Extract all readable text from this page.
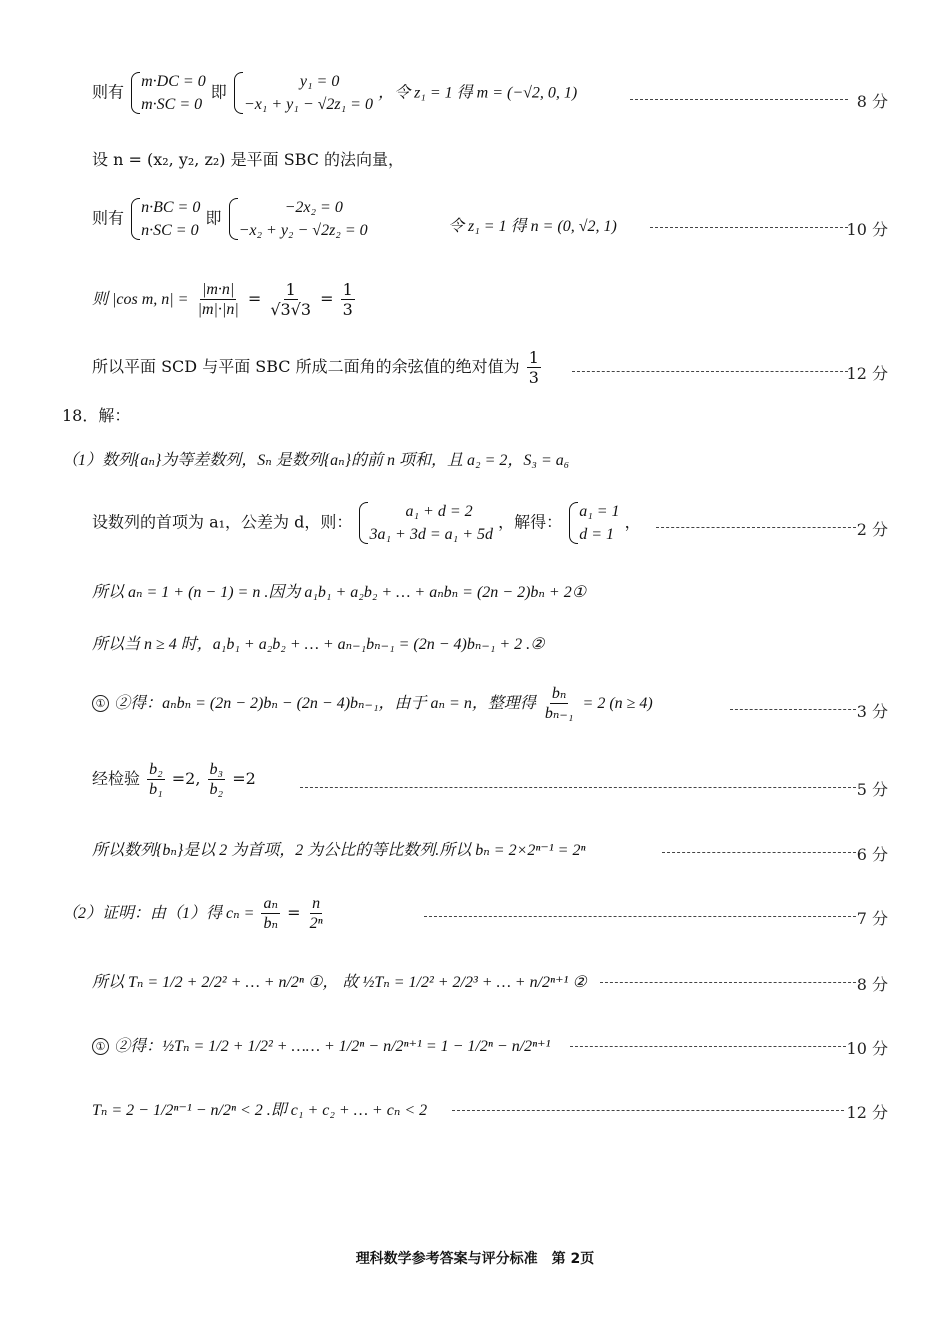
则有
m·DC = 0
m·SC = 0
即
y₁ = 0
−x₁ + y₁ − √2z₁ = 0
，令 z₁ = 1 得 m = (−√2, 0, 1)	8 分
设 n = (x₂, y₂, z₂) 是平面 SBC 的法向量，
则有
n·BC = 0
n·SC = 0
即
−2x₂ = 0
−x₂ + y₂ − √2z₂ = 0	令 z₁ = 1 得 n = (0, √2, 1)	10 分
则 |cos m, $n| = \frac{|m\cdot n|}{|m|\cdot|n|} = \frac{1}{√3√3} = \frac{1}{3}$
所以平面 SCD 与平面 SBC 所成二面角的余弦值的绝对值为 $\frac{1}{3}$	12 分
18．解：
（1）数列{aₙ}为等差数列，Sₙ 是数列{aₙ}的前 n 项和，且 a₂ = 2，S₃ = a₆
设数列的首项为 a₁，公差为 d，则：
a₁ + d = 2
3a₁ + 3d = a₁ + 5d
，解得：
a₁ = 1
d = 1
，	2 分
所以 aₙ = 1 + (n − 1) = n .因为 a₁b₁ + a₂b₂ + … + aₙbₙ = (2n − 2)bₙ + 2①
所以当 n ≥ 4 时，a₁b₁ + a₂b₂ + … + aₙ₋₁bₙ₋₁ = (2n − 4)bₙ₋₁ + 2 .②
① ②得：aₙbₙ = (2n − 2)bₙ − (2n − 4)bₙ₋₁，由于 aₙ = n，整理得 $\frac{\text{bₙ}}{\text{bₙ₋₁}} = 2$ (n ≥ 4)	3 分
经检验 $\frac{\text{b₂}}{\text{b₁}} =2$, $\frac{\text{b₃}}{\text{b₂}} =2$
5 分
所以数列{bₙ}是以 2 为首项，2 为公比的等比数列.所以 bₙ = 2×2ⁿ⁻¹ = 2ⁿ	6 分
（2）证明：由（1）得 $c_n = \frac{\text{aₙ}}{\text{bₙ}} = \frac{n}{\text{2ⁿ}}$	7 分
所以 Tₙ = 1/2 + 2/2² + … + n/2ⁿ ①， 故 ½Tₙ = 1/2² + 2/2³ + … + n/2ⁿ⁺¹ ②	8 分
① ②得：½Tₙ = 1/2 + 1/2² + …… + 1/2ⁿ − n/2ⁿ⁺¹ = 1 − 1/2ⁿ − n/2ⁿ⁺¹	10 分
Tₙ = 2 − 1/2ⁿ⁻¹ − n/2ⁿ < 2 .即 c₁ + c₂ + … + cₙ < 2	12 分
理科数学参考答案与评分标准　第 2页
